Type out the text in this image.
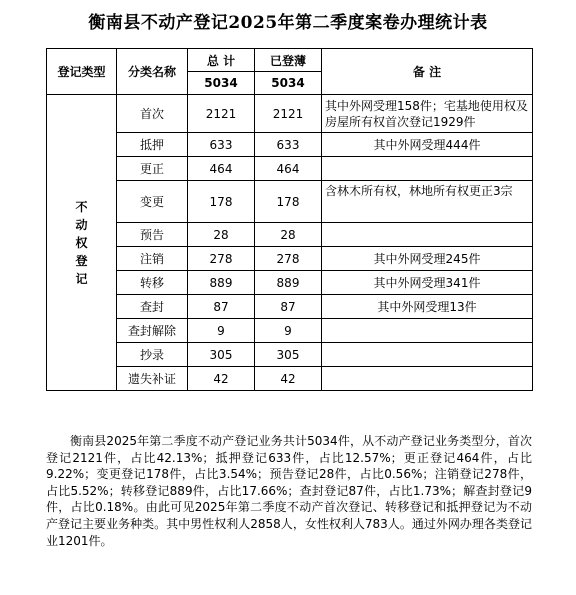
衡南县不动产登记2025年第二季度案卷办理统计表
登记类型	分类名称	总 计	已登薄	备 注
		5034	5034	

不
动
权
登
记	首次	2121	2121	其中外网受理158件；宅基地使用权及房屋所有权首次登记1929件
	抵押	633	633	其中外网受理444件
	更正	464	464	
	变更	178	178	含林木所有权，林地所有权更正3宗
	预告	28	28	
	注销	278	278	其中外网受理245件
	转移	889	889	其中外网受理341件
	查封	87	87	其中外网受理13件
	查封解除	9	9	
	抄录	305	305	
	遗失补证	42	42	
衡南县2025年第二季度不动产登记业务共计5034件，从不动产登记业务类型分，首次登记2121件，占比42.13%；抵押登记633件，占比12.57%；更正登记464件，占比9.22%；变更登记178件，占比3.54%；预告登记28件，占比0.56%；注销登记278件，占比5.52%；转移登记889件，占比17.66%；查封登记87件，占比1.73%；解查封登记9件，占比0.18%。由此可见2025年第二季度不动产首次登记、转移登记和抵押登记为不动产登记主要业务种类。其中男性权利人2858人，女性权利人783人。通过外网办理各类登记业1201件。
